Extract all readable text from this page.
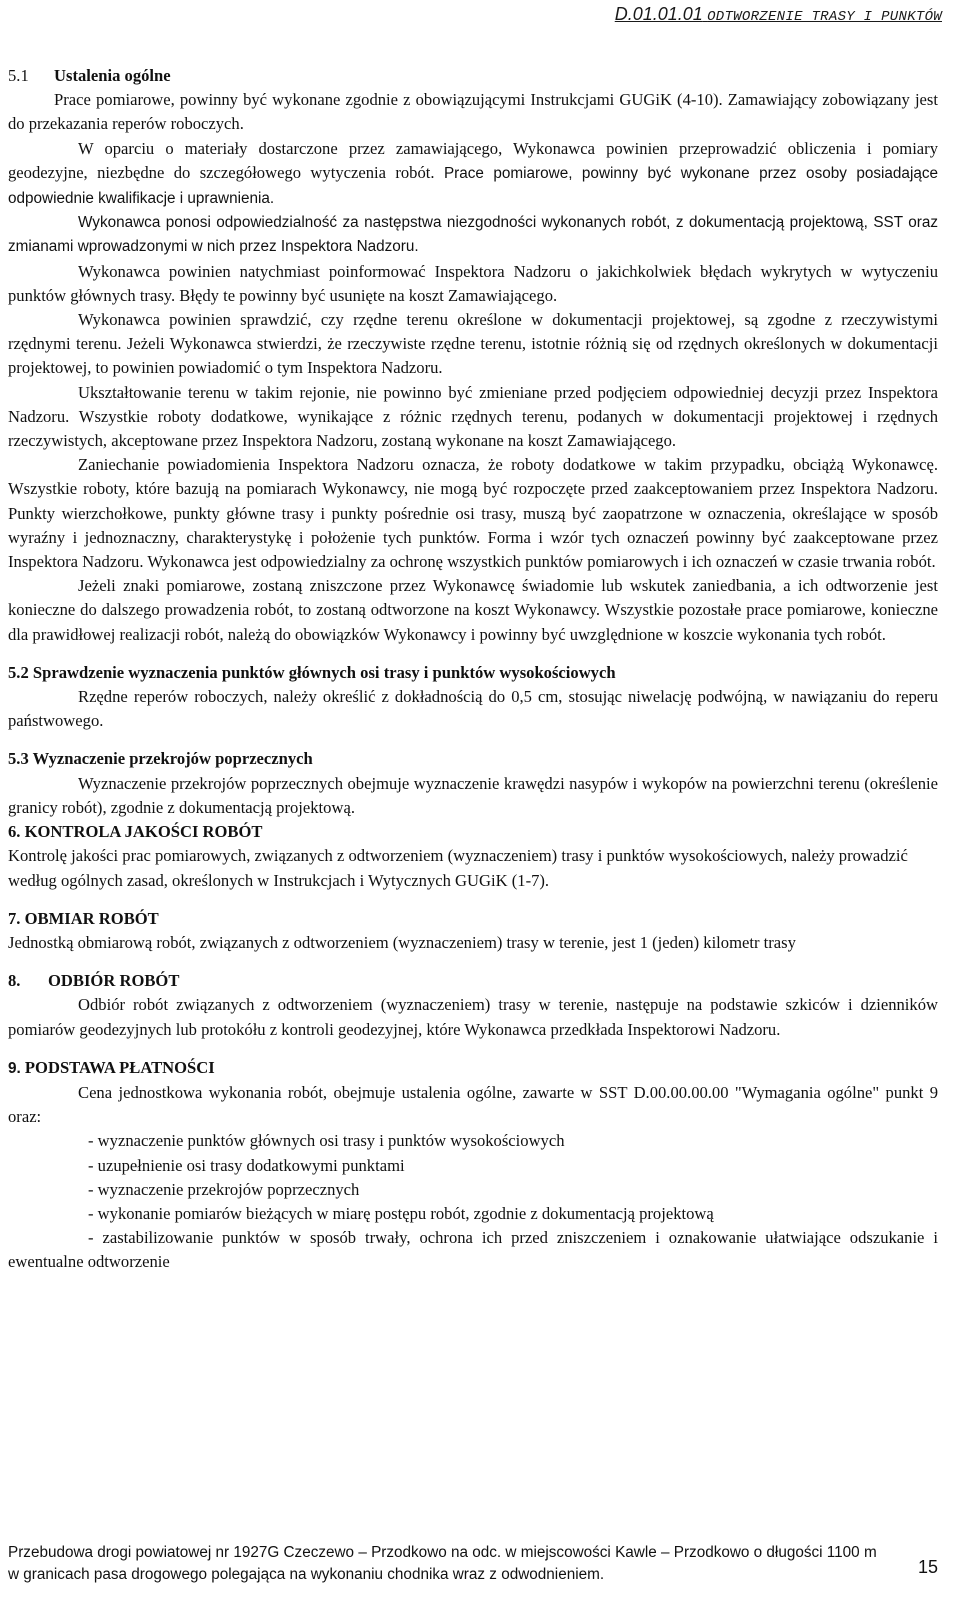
D.01.01.01 ODTWORZENIE TRASY I PUNKTÓW

5.1 Ustalenia ogólne

Prace pomiarowe, powinny być wykonane zgodnie z obowiązującymi Instrukcjami GUGiK (4-10). Zamawiający zobowiązany jest do przekazania reperów roboczych.

W oparciu o materiały dostarczone przez zamawiającego, Wykonawca powinien przeprowadzić obliczenia i pomiary geodezyjne, niezbędne do szczegółowego wytyczenia robót. Prace pomiarowe, powinny być wykonane przez osoby posiadające odpowiednie kwalifikacje i uprawnienia.

Wykonawca ponosi odpowiedzialność za następstwa niezgodności wykonanych robót, z dokumentacją projektową, SST oraz zmianami wprowadzonymi w nich przez Inspektora Nadzoru.

Wykonawca powinien natychmiast poinformować Inspektora Nadzoru o jakichkolwiek błędach wykrytych w wytyczeniu punktów głównych trasy. Błędy te powinny być usunięte na koszt Zamawiającego.

Wykonawca powinien sprawdzić, czy rzędne terenu określone w dokumentacji projektowej, są zgodne z rzeczywistymi rzędnymi terenu. Jeżeli Wykonawca stwierdzi, że rzeczywiste rzędne terenu, istotnie różnią się od rzędnych określonych w dokumentacji projektowej, to powinien powiadomić o tym Inspektora Nadzoru.

Ukształtowanie terenu w takim rejonie, nie powinno być zmieniane przed podjęciem odpowiedniej decyzji przez Inspektora Nadzoru. Wszystkie roboty dodatkowe, wynikające z różnic rzędnych terenu, podanych w dokumentacji projektowej i rzędnych rzeczywistych, akceptowane przez Inspektora Nadzoru, zostaną wykonane na koszt Zamawiającego.

Zaniechanie powiadomienia Inspektora Nadzoru oznacza, że roboty dodatkowe w takim przypadku, obciążą Wykonawcę. Wszystkie roboty, które bazują na pomiarach Wykonawcy, nie mogą być rozpoczęte przed zaakceptowaniem przez Inspektora Nadzoru. Punkty wierzchołkowe, punkty główne trasy i punkty pośrednie osi trasy, muszą być zaopatrzone w oznaczenia, określające w sposób wyraźny i jednoznaczny, charakterystykę i położenie tych punktów. Forma i wzór tych oznaczeń powinny być zaakceptowane przez Inspektora Nadzoru. Wykonawca jest odpowiedzialny za ochronę wszystkich punktów pomiarowych i ich oznaczeń w czasie trwania robót.

Jeżeli znaki pomiarowe, zostaną zniszczone przez Wykonawcę świadomie lub wskutek zaniedbania, a ich odtworzenie jest konieczne do dalszego prowadzenia robót, to zostaną odtworzone na koszt Wykonawcy. Wszystkie pozostałe prace pomiarowe, konieczne dla prawidłowej realizacji robót, należą do obowiązków Wykonawcy i powinny być uwzględnione w koszcie wykonania tych robót.

5.2 Sprawdzenie wyznaczenia punktów głównych osi trasy i punktów wysokościowych

Rzędne reperów roboczych, należy określić z dokładnością do 0,5 cm, stosując niwelację podwójną, w nawiązaniu do reperu państwowego.

5.3 Wyznaczenie przekrojów poprzecznych

Wyznaczenie przekrojów poprzecznych obejmuje wyznaczenie krawędzi nasypów i wykopów na powierzchni terenu (określenie granicy robót), zgodnie z dokumentacją projektową.

6. KONTROLA JAKOŚCI ROBÓT

Kontrolę jakości prac pomiarowych, związanych z odtworzeniem (wyznaczeniem) trasy i punktów wysokościowych, należy prowadzić według ogólnych zasad, określonych w Instrukcjach i Wytycznych GUGiK (1-7).

7. OBMIAR ROBÓT

Jednostką obmiarową robót, związanych z odtworzeniem (wyznaczeniem) trasy w terenie, jest 1 (jeden) kilometr trasy

8. ODBIÓR ROBÓT

Odbiór robót związanych z odtworzeniem (wyznaczeniem) trasy w terenie, następuje na podstawie szkiców i dzienników pomiarów geodezyjnych lub protokółu z kontroli geodezyjnej, które Wykonawca przedkłada Inspektorowi Nadzoru.

9. PODSTAWA PŁATNOŚCI

Cena jednostkowa wykonania robót, obejmuje ustalenia ogólne, zawarte w SST D.00.00.00.00 "Wymagania ogólne" punkt 9 oraz:

- wyznaczenie punktów głównych osi trasy i punktów wysokościowych
- uzupełnienie osi trasy dodatkowymi punktami
- wyznaczenie przekrojów poprzecznych
- wykonanie pomiarów bieżących w miarę postępu robót, zgodnie z dokumentacją projektową

- zastabilizowanie punktów w sposób trwały, ochrona ich przed zniszczeniem i oznakowanie ułatwiające odszukanie i ewentualne odtworzenie

Przebudowa drogi powiatowej nr 1927G Czeczewo – Przodkowo na odc. w miejscowości Kawle – Przodkowo o długości 1100 m w granicach pasa drogowego polegająca na wykonaniu chodnika wraz z odwodnieniem.	15
